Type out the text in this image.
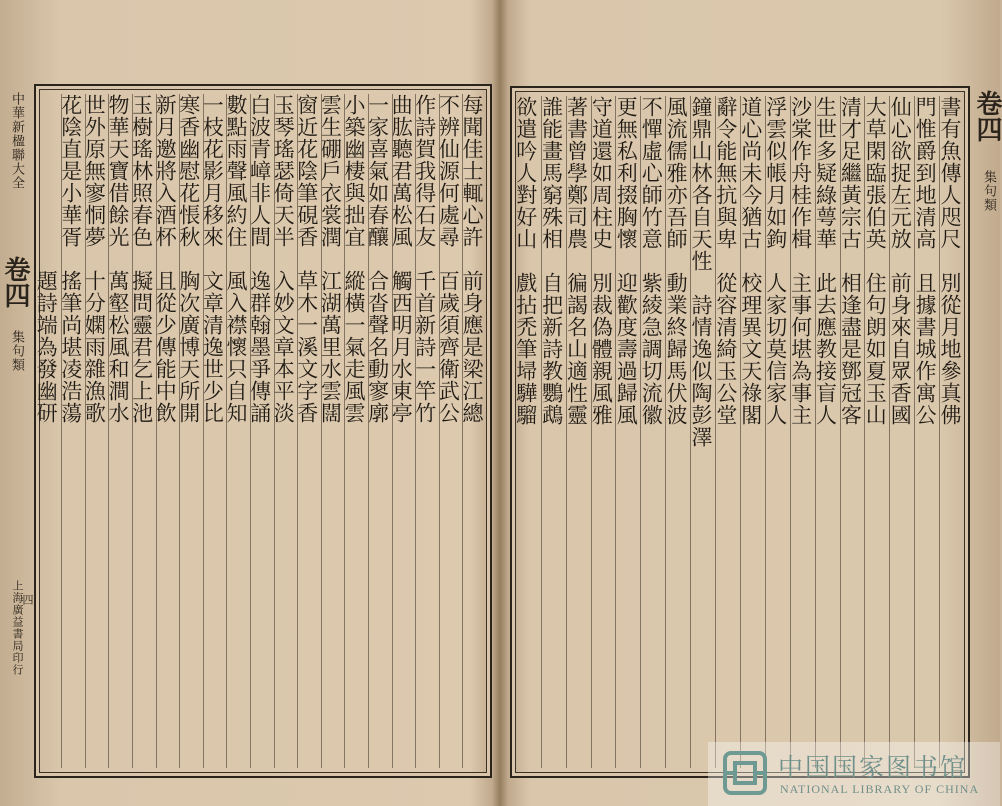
中華新楹聯大全
卷四
集句類
上海廣益書局印行
每聞佳士輒心許　前身應是梁江總
不辨仙源何處尋　百歲須齊衛武公
作詩賀我得石友　千首新詩一竿竹
曲肱聽君萬松風　觸西明月水東亭
一家喜氣如春釀　合沓聲名動寥廓
小築幽棲與拙宜　縱橫一氣走風雲
雲生硼戶衣裳潤　江湖萬里水雲闊
窗近花陰筆硯香　草木一溪文字香
玉琴瑤瑟倚天半　入妙文章本平淡
白波青嶂非人間　逸群翰墨爭傳誦
數點雨聲風約住　風入襟懷只自知
一枝花影月移來　文章清逸世少比
寒香幽慰花悵秋　胸次廣博天所開
新月邀將入酒杯　且從少傳能中飲
玉樹瑤林照春色　擬問靈君乞上池
物華天寶借餘光　萬壑松風和澗水
世外原無寥恫夢　十分嫻雨雜漁歌
花陰直是小華胥　搖筆尚堪凌浩蕩
　　　　　　　　題詩端為發幽研	書有魚傳人咫尺　別從月地參真佛
門惟爵到地清高　且據書城作寓公
仙心欲捉左元放　前身來自眾香國
大草閑臨張伯英　住句朗如夏玉山
清才足繼黃宗古　相逢盡是鄧冠客
生世多疑綠萼華　此去應教接盲人
沙棠作舟桂作楫　主事何堪為事主
浮雲似帳月如鉤　人家切莫信家人
道心尚未今猶古　校理異文天祿閣
辭令能無抗與卑　從容清綺玉公堂
鐘鼎山林各自天性　詩情逸似陶彭澤
風流儒雅亦吾師　動業終歸馬伏波
不憚虛心師竹意　紫綾急調切流徽
更無私利掇胸懷　迎歡度壽過歸風
守道還如周柱史　別裁偽體親風雅
著書曾學鄭司農　徧謁名山適性靈
誰能畫馬窮殊相　自把新詩教鸚鵡
欲遣吟人對好山　戲拈禿筆埽驊騮	卷四
集句類
四
中国国家图书馆
NATIONAL LIBRARY OF CHINA
